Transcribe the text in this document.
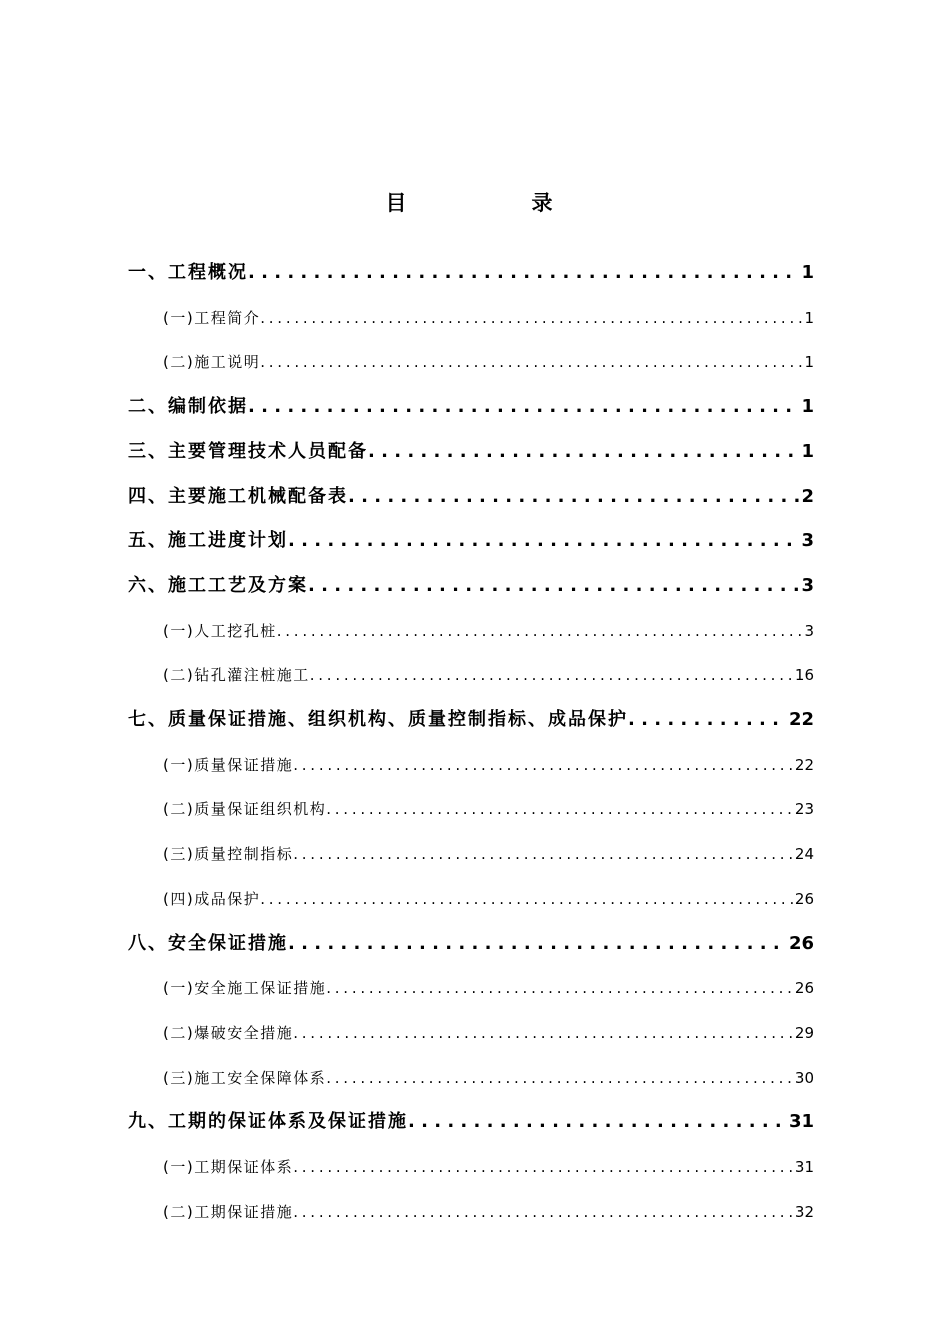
目　录
一、工程概况 . . .	1
(一)工程简介 . . .	1
(二)施工说明 . . .	1
二、编制依据 . . .	1
三、主要管理技术人员配备 . . .	1
四、主要施工机械配备表 . . .	2
五、施工进度计划 . . .	3
六、施工工艺及方案 . . .	3
(一)人工挖孔桩 . . .	3
(二)钻孔灌注桩施工 . . .	16
七、质量保证措施、组织机构、质量控制指标、成品保护 . . .	22
(一)质量保证措施 . . .	22
(二)质量保证组织机构 . . .	23
(三)质量控制指标 . . .	24
(四)成品保护 . . .	26
八、安全保证措施 . . .	26
(一)安全施工保证措施 . . .	26
(二)爆破安全措施 . . .	29
(三)施工安全保障体系 . . .	30
九、工期的保证体系及保证措施 . . .	31
(一)工期保证体系 . . .	31
(二)工期保证措施 . . .	32
